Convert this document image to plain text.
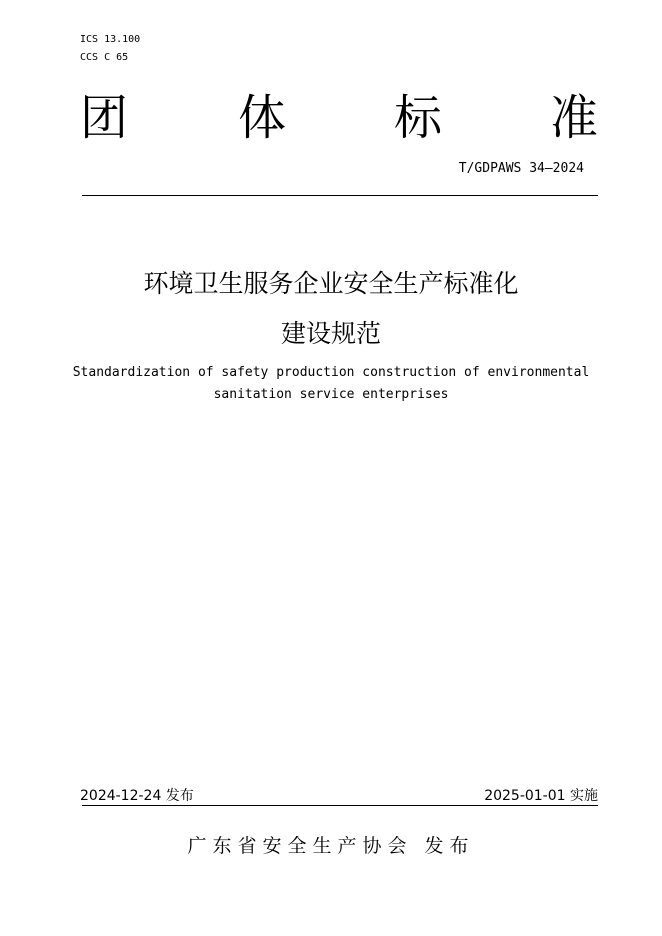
ICS 13.100
CCS C 65
团 体 标 准
T/GDPAWS 34—2024
环境卫生服务企业安全生产标准化
建设规范
Standardization of safety production construction of environmental
sanitation service enterprises
2024-12-24 发布	2025-01-01 实施
广东省安全生产协会 发布
